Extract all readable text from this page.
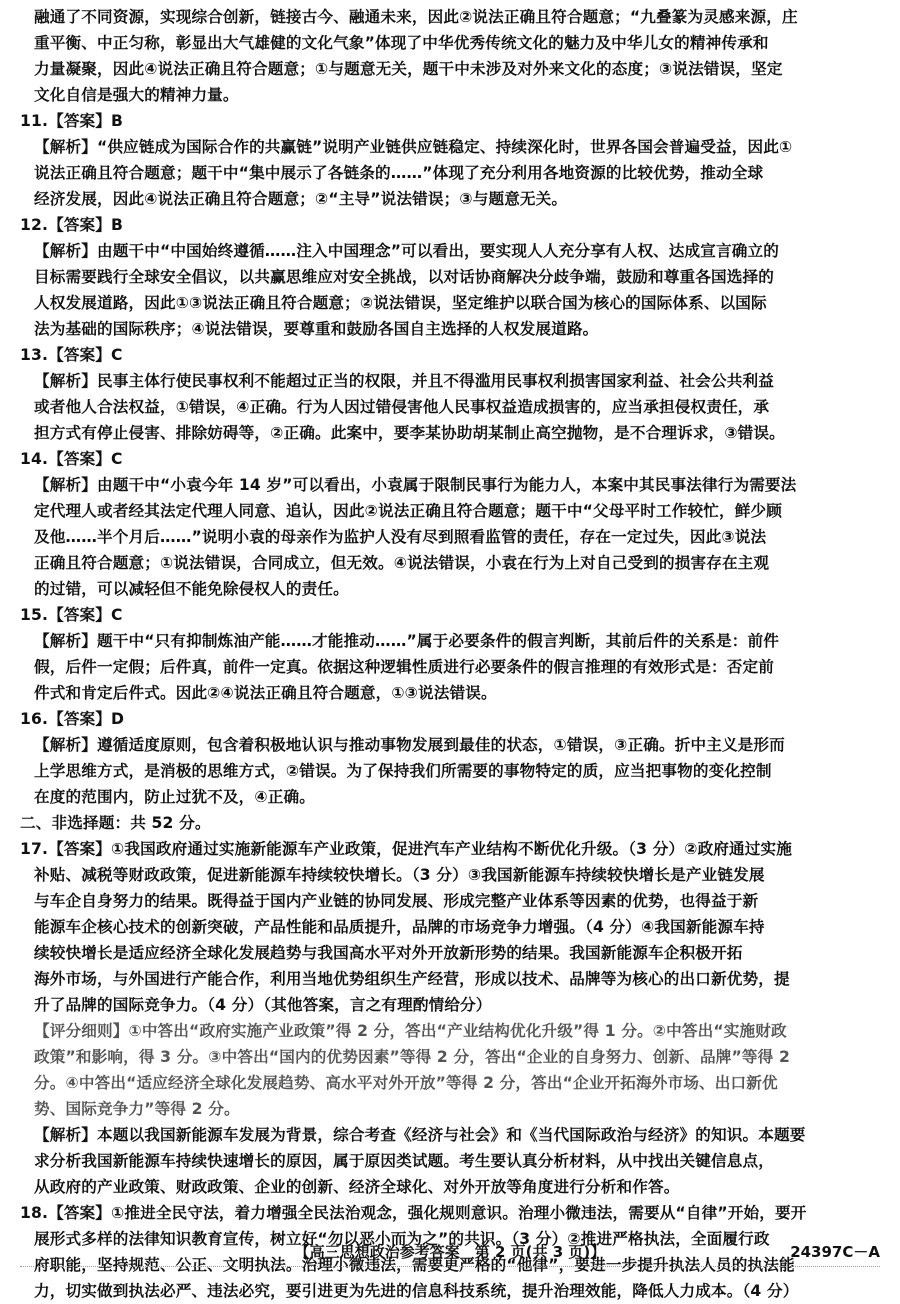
融通了不同资源，实现综合创新，链接古今、融通未来，因此②说法正确且符合题意；“九叠篆为灵感来源，庄

重平衡、中正匀称，彰显出大气雄健的文化气象”体现了中华优秀传统文化的魅力及中华儿女的精神传承和

力量凝聚，因此④说法正确且符合题意；①与题意无关，题干中未涉及对外来文化的态度；③说法错误，坚定

文化自信是强大的精神力量。

11.【答案】B

【解析】“供应链成为国际合作的共赢链”说明产业链供应链稳定、持续深化时，世界各国会普遍受益，因此①

说法正确且符合题意；题干中“集中展示了各链条的……”体现了充分利用各地资源的比较优势，推动全球

经济发展，因此④说法正确且符合题意；②“主导”说法错误；③与题意无关。

12.【答案】B

【解析】由题干中“中国始终遵循……注入中国理念”可以看出，要实现人人充分享有人权、达成宣言确立的

目标需要践行全球安全倡议，以共赢思维应对安全挑战，以对话协商解决分歧争端，鼓励和尊重各国选择的

人权发展道路，因此①③说法正确且符合题意；②说法错误，坚定维护以联合国为核心的国际体系、以国际

法为基础的国际秩序；④说法错误，要尊重和鼓励各国自主选择的人权发展道路。

13.【答案】C

【解析】民事主体行使民事权利不能超过正当的权限，并且不得滥用民事权利损害国家利益、社会公共利益

或者他人合法权益，①错误，④正确。行为人因过错侵害他人民事权益造成损害的，应当承担侵权责任，承

担方式有停止侵害、排除妨碍等，②正确。此案中，要李某协助胡某制止高空抛物，是不合理诉求，③错误。

14.【答案】C

【解析】由题干中“小袁今年 14 岁”可以看出，小袁属于限制民事行为能力人，本案中其民事法律行为需要法

定代理人或者经其法定代理人同意、追认，因此②说法正确且符合题意；题干中“父母平时工作较忙，鲜少顾

及他……半个月后……”说明小袁的母亲作为监护人没有尽到照看监管的责任，存在一定过失，因此③说法

正确且符合题意；①说法错误，合同成立，但无效。④说法错误，小袁在行为上对自己受到的损害存在主观

的过错，可以减轻但不能免除侵权人的责任。

15.【答案】C

【解析】题干中“只有抑制炼油产能……才能推动……”属于必要条件的假言判断，其前后件的关系是：前件

假，后件一定假；后件真，前件一定真。依据这种逻辑性质进行必要条件的假言推理的有效形式是：否定前

件式和肯定后件式。因此②④说法正确且符合题意，①③说法错误。

16.【答案】D

【解析】遵循适度原则，包含着积极地认识与推动事物发展到最佳的状态，①错误，③正确。折中主义是形而

上学思维方式，是消极的思维方式，②错误。为了保持我们所需要的事物特定的质，应当把事物的变化控制

在度的范围内，防止过犹不及，④正确。

二、非选择题：共 52 分。

17.【答案】①我国政府通过实施新能源车产业政策，促进汽车产业结构不断优化升级。（3 分）②政府通过实施

补贴、减税等财政政策，促进新能源车持续较快增长。（3 分）③我国新能源车持续较快增长是产业链发展

与车企自身努力的结果。既得益于国内产业链的协同发展、形成完整产业体系等因素的优势，也得益于新

能源车企核心技术的创新突破，产品性能和品质提升，品牌的市场竞争力增强。（4 分）④我国新能源车持

续较快增长是适应经济全球化发展趋势与我国高水平对外开放新形势的结果。我国新能源车企积极开拓

海外市场，与外国进行产能合作，利用当地优势组织生产经营，形成以技术、品牌等为核心的出口新优势，提

升了品牌的国际竞争力。（4 分）（其他答案，言之有理酌情给分）

【评分细则】①中答出“政府实施产业政策”得 2 分，答出“产业结构优化升级”得 1 分。②中答出“实施财政

政策”和影响，得 3 分。③中答出“国内的优势因素”等得 2 分，答出“企业的自身努力、创新、品牌”等得 2

分。④中答出“适应经济全球化发展趋势、高水平对外开放”等得 2 分，答出“企业开拓海外市场、出口新优

势、国际竞争力”等得 2 分。

【解析】本题以我国新能源车发展为背景，综合考查《经济与社会》和《当代国际政治与经济》的知识。本题要

求分析我国新能源车持续快速增长的原因，属于原因类试题。考生要认真分析材料，从中找出关键信息点，

从政府的产业政策、财政政策、企业的创新、经济全球化、对外开放等角度进行分析和作答。

18.【答案】①推进全民守法，着力增强全民法治观念，强化规则意识。治理小微违法，需要从“自律”开始，要开

展形式多样的法律知识教育宣传，树立好“勿以恶小而为之”的共识。（3 分）②推进严格执法，全面履行政

府职能，坚持规范、公正、文明执法。治理小微违法，需要更严格的“他律”，要进一步提升执法人员的执法能

力，切实做到执法必严、违法必究，要引进更为先进的信息科技系统，提升治理效能，降低人力成本。（4 分）

【高三思想政治参考答案　第 2 页(共 3 页)】	24397C－A
